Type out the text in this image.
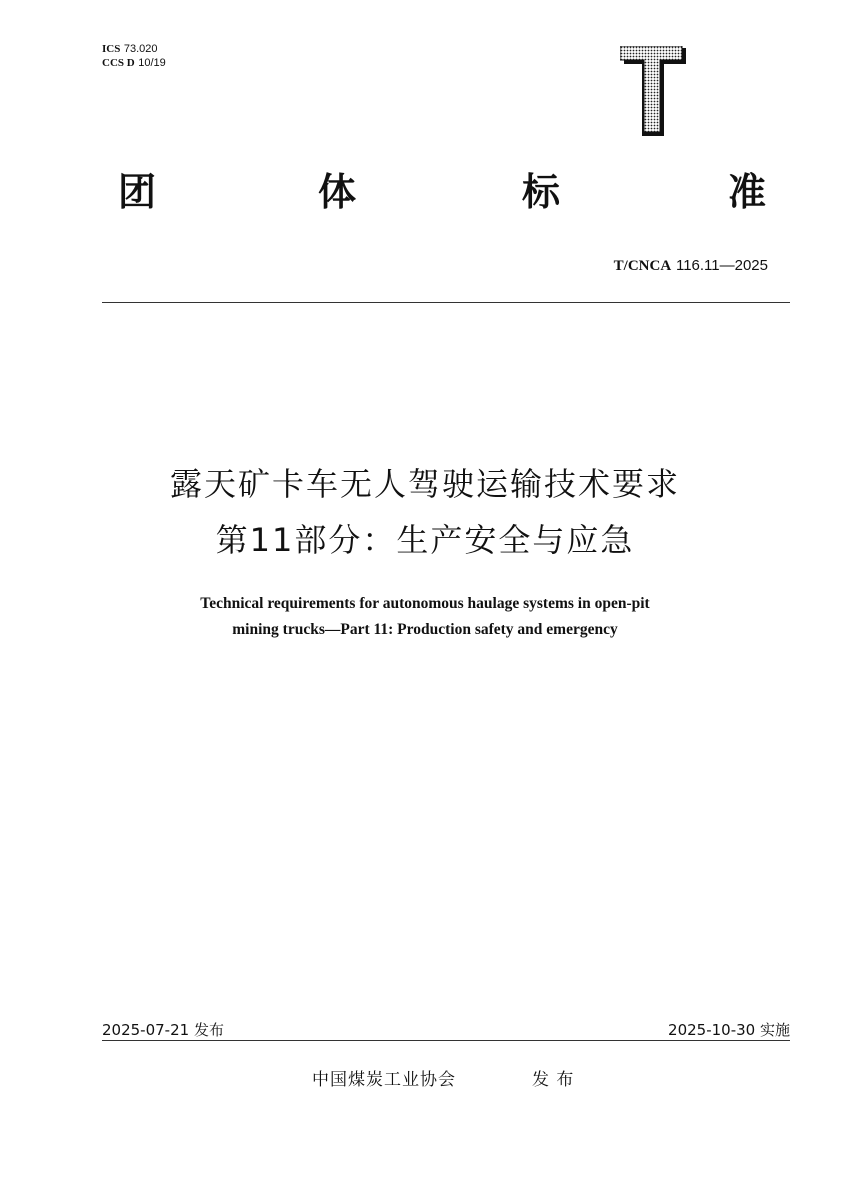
ICS 73.020
CCS D 10/19
团	体	标	准
T/CNCA 116.11—2025
露天矿卡车无人驾驶运输技术要求
第11部分：生产安全与应急
Technical requirements for autonomous haulage systems in open-pit
mining trucks—Part 11: Production safety and emergency
2025-07-21 发布	2025-10-30 实施
中国煤炭工业协会	发 布
